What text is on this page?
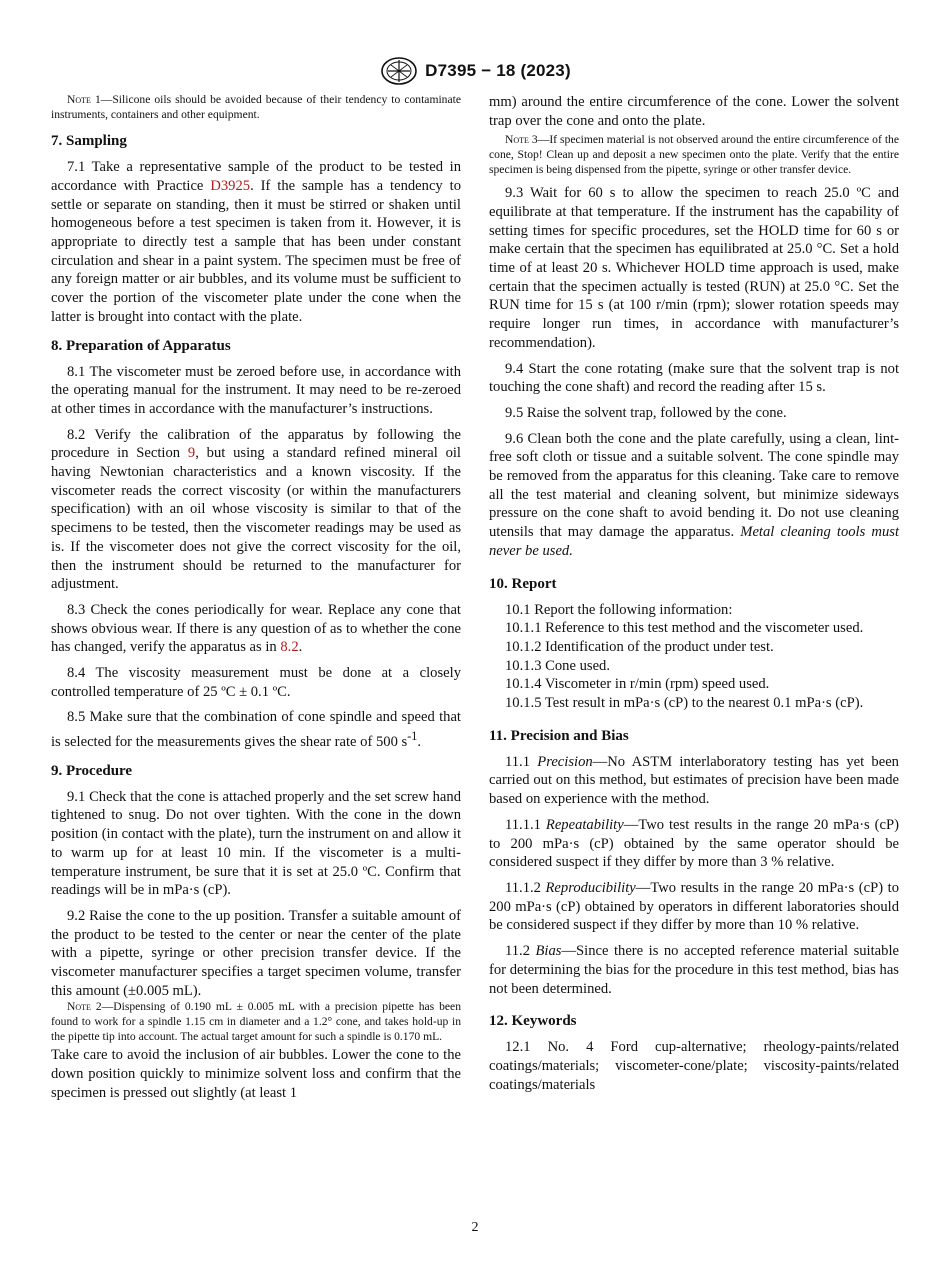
D7395 − 18 (2023)

Note 1—Silicone oils should be avoided because of their tendency to contaminate instruments, containers and other equipment.

7. Sampling

7.1 Take a representative sample of the product to be tested in accordance with Practice D3925. If the sample has a tendency to settle or separate on standing, then it must be stirred or shaken until homogeneous before a test specimen is taken from it. However, it is appropriate to directly test a sample that has been under constant circulation and shear in a paint system. The specimen must be free of any foreign matter or air bubbles, and its volume must be sufficient to cover the portion of the viscometer plate under the cone when the latter is brought into contact with the plate.

8. Preparation of Apparatus

8.1 The viscometer must be zeroed before use, in accordance with the operating manual for the instrument. It may need to be re-zeroed at other times in accordance with the manufacturer’s instructions.

8.2 Verify the calibration of the apparatus by following the procedure in Section 9, but using a standard refined mineral oil having Newtonian characteristics and a known viscosity. If the viscometer reads the correct viscosity (or within the manufacturers specification) with an oil whose viscosity is similar to that of the specimens to be tested, then the viscometer readings may be used as is. If the viscometer does not give the correct viscosity for the oil, then the instrument should be returned to the manufacturer for adjustment.

8.3 Check the cones periodically for wear. Replace any cone that shows obvious wear. If there is any question of as to whether the cone has changed, verify the apparatus as in 8.2.

8.4 The viscosity measurement must be done at a closely controlled temperature of 25 ºC ± 0.1 ºC.

8.5 Make sure that the combination of cone spindle and speed that is selected for the measurements gives the shear rate of 500 $s^{-1}$.

9. Procedure

9.1 Check that the cone is attached properly and the set screw hand tightened to snug. Do not over tighten. With the cone in the down position (in contact with the plate), turn the instrument on and allow it to warm up for at least 10 min. If the viscometer is a multi-temperature instrument, be sure that it is set at 25.0 ºC. Confirm that readings will be in mPa·s (cP).

9.2 Raise the cone to the up position. Transfer a suitable amount of the product to be tested to the center or near the center of the plate with a pipette, syringe or other precision transfer device. If the viscometer manufacturer specifies a target specimen volume, transfer this amount (±0.005 mL).

Note 2—Dispensing of 0.190 mL ± 0.005 mL with a precision pipette has been found to work for a spindle 1.15 cm in diameter and a 1.2° cone, and takes hold-up in the pipette tip into account. The actual target amount for such a spindle is 0.170 mL.

Take care to avoid the inclusion of air bubbles. Lower the cone to the down position quickly to minimize solvent loss and confirm that the specimen is pressed out slightly (at least 1

mm) around the entire circumference of the cone. Lower the solvent trap over the cone and onto the plate.

Note 3—If specimen material is not observed around the entire circumference of the cone, Stop! Clean up and deposit a new specimen onto the plate. Verify that the entire specimen is being dispensed from the pipette, syringe or other transfer device.

9.3 Wait for 60 s to allow the specimen to reach 25.0 ºC and equilibrate at that temperature. If the instrument has the capability of setting times for specific procedures, set the HOLD time for 60 s or make certain that the specimen has equilibrated at 25.0 °C. Set a hold time of at least 20 s. Whichever HOLD time approach is used, make certain that the specimen actually is tested (RUN) at 25.0 °C. Set the RUN time for 15 s (at 100 r/min (rpm); slower rotation speeds may require longer run times, in accordance with manufacturer’s recommendation).

9.4 Start the cone rotating (make sure that the solvent trap is not touching the cone shaft) and record the reading after 15 s.

9.5 Raise the solvent trap, followed by the cone.

9.6 Clean both the cone and the plate carefully, using a clean, lint-free soft cloth or tissue and a suitable solvent. The cone spindle may be removed from the apparatus for this cleaning. Take care to remove all the test material and cleaning solvent, but minimize sideways pressure on the cone shaft to avoid bending it. Do not use cleaning utensils that may damage the apparatus. Metal cleaning tools must never be used.

10. Report

10.1 Report the following information:

10.1.1 Reference to this test method and the viscometer used.

10.1.2 Identification of the product under test.

10.1.3 Cone used.

10.1.4 Viscometer in r/min (rpm) speed used.

10.1.5 Test result in mPa·s (cP) to the nearest 0.1 mPa·s (cP).

11. Precision and Bias

11.1 Precision—No ASTM interlaboratory testing has yet been carried out on this method, but estimates of precision have been made based on experience with the method.

11.1.1 Repeatability—Two test results in the range 20 mPa·s (cP) to 200 mPa·s (cP) obtained by the same operator should be considered suspect if they differ by more than 3 % relative.

11.1.2 Reproducibility—Two results in the range 20 mPa·s (cP) to 200 mPa·s (cP) obtained by operators in different laboratories should be considered suspect if they differ by more than 10 % relative.

11.2 Bias—Since there is no accepted reference material suitable for determining the bias for the procedure in this test method, bias has not been determined.

12. Keywords

12.1 No. 4 Ford cup-alternative; rheology-paints/related coatings/materials; viscometer-cone/plate; viscosity-paints/related coatings/materials

2
